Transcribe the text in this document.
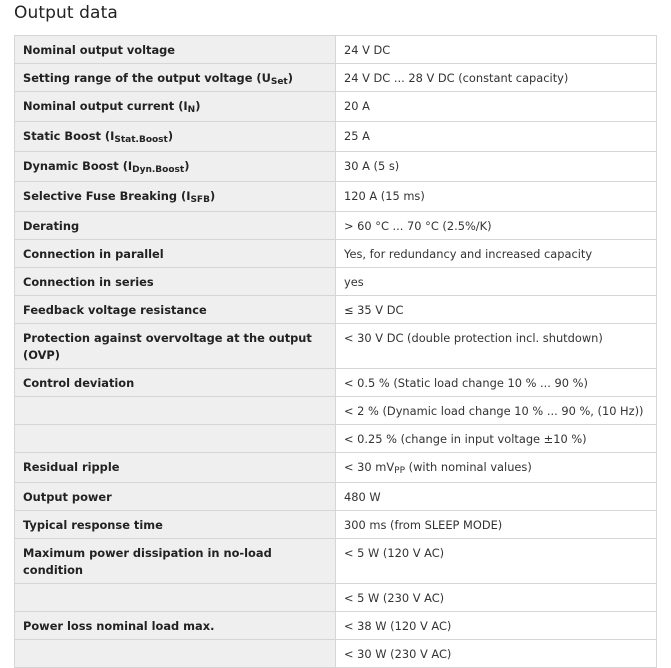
Output data
Nominal output voltage	24 V DC
Setting range of the output voltage $(U_{Set})$	24 V DC ... 28 V DC (constant capacity)
Nominal output current $(I_N)$	20 A
Static Boost $(I_{Stat.Boost})$	25 A
Dynamic Boost $(I_{Dyn.Boost})$	30 A (5 s)
Selective Fuse Breaking $(I_{SFB})$	120 A (15 ms)
Derating	> 60 °C ... 70 °C (2.5%/K)
Connection in parallel	Yes, for redundancy and increased capacity
Connection in series	yes
Feedback voltage resistance	≤ 35 V DC
Protection against overvoltage at the output (OVP)	< 30 V DC (double protection incl. shutdown)
Control deviation	< 0.5 % (Static load change 10 % ... 90 %)
	< 2 % (Dynamic load change 10 % ... 90 %, (10 Hz))
	< 0.25 % (change in input voltage ±10 %)
Residual ripple	< 30 $mV_{PP}$ (with nominal values)
Output power	480 W
Typical response time	300 ms (from SLEEP MODE)
Maximum power dissipation in no-load condition	< 5 W (120 V AC)
	< 5 W (230 V AC)
Power loss nominal load max.	< 38 W (120 V AC)
	< 30 W (230 V AC)
